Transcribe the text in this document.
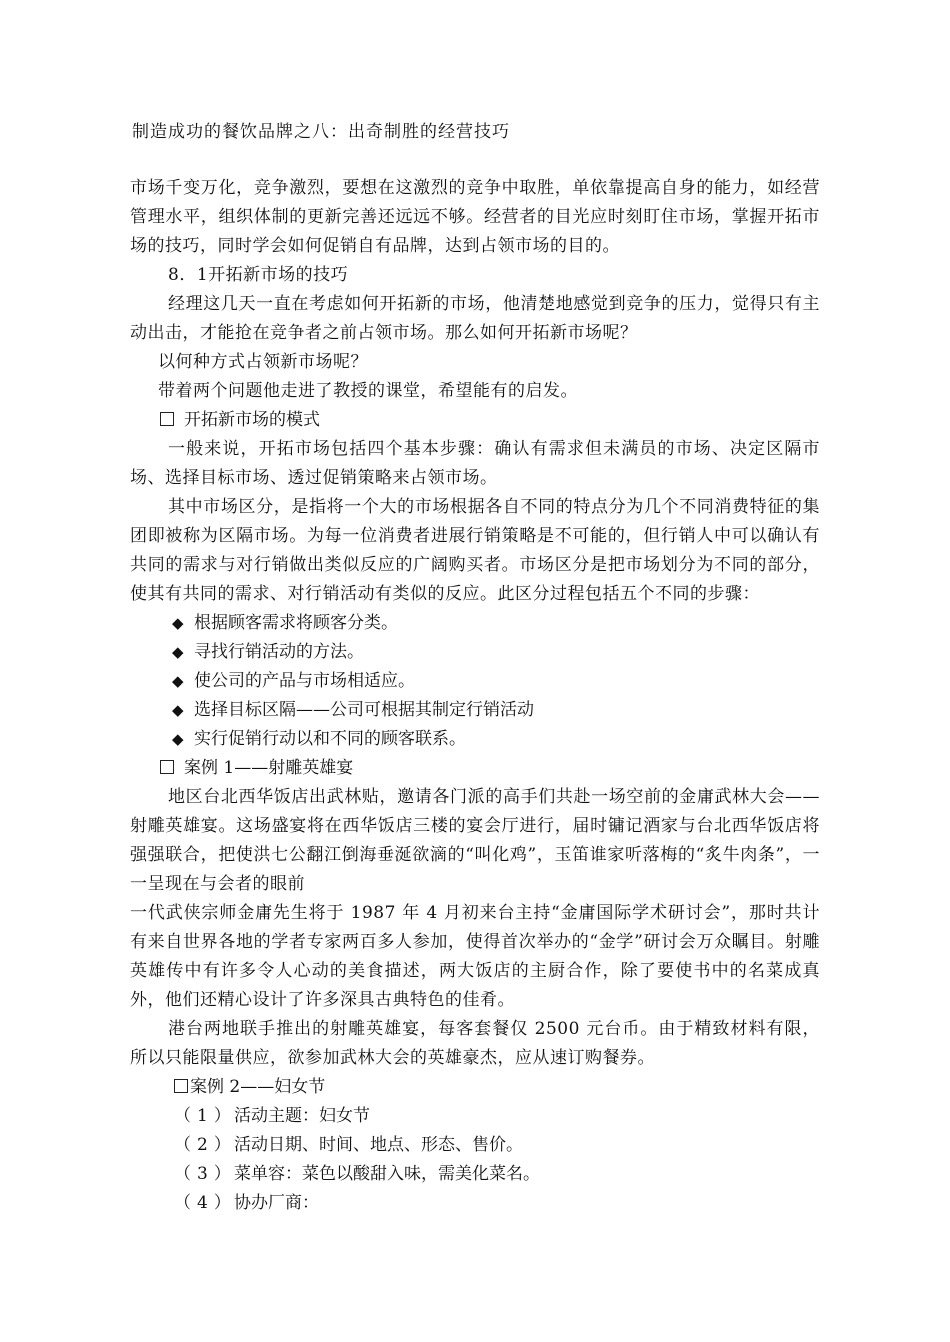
制造成功的餐饮品牌之八：出奇制胜的经营技巧

市场千变万化，竞争激烈，要想在这激烈的竞争中取胜，单依靠提高自身的能力，如经营管理水平，组织体制的更新完善还远远不够。经营者的目光应时刻盯住市场，掌握开拓市场的技巧，同时学会如何促销自有品牌，达到占领市场的目的。

8．1开拓新市场的技巧

经理这几天一直在考虑如何开拓新的市场，他清楚地感觉到竞争的压力，觉得只有主动出击，才能抢在竞争者之前占领市场。那么如何开拓新市场呢？

以何种方式占领新市场呢？

带着两个问题他走进了教授的课堂，希望能有的启发。

开拓新市场的模式

一般来说，开拓市场包括四个基本步骤：确认有需求但未满员的市场、决定区隔市场、选择目标市场、透过促销策略来占领市场。

其中市场区分，是指将一个大的市场根据各自不同的特点分为几个不同消费特征的集团即被称为区隔市场。为每一位消费者进展行销策略是不可能的，但行销人中可以确认有共同的需求与对行销做出类似反应的广阔购买者。市场区分是把市场划分为不同的部分，使其有共同的需求、对行销活动有类似的反应。此区分过程包括五个不同的步骤：

◆ 根据顾客需求将顾客分类。
◆ 寻找行销活动的方法。
◆ 使公司的产品与市场相适应。
◆ 选择目标区隔——公司可根据其制定行销活动
◆ 实行促销行动以和不同的顾客联系。

案例 1——射雕英雄宴

地区台北西华饭店出武林贴，邀请各门派的高手们共赴一场空前的金庸武林大会——射雕英雄宴。这场盛宴将在西华饭店三楼的宴会厅进行，届时镛记酒家与台北西华饭店将强强联合，把使洪七公翻江倒海垂涎欲滴的“叫化鸡”，玉笛谁家听落梅的“炙牛肉条”，一一呈现在与会者的眼前

一代武侠宗师金庸先生将于 1987 年 4 月初来台主持“金庸国际学术研讨会”，那时共计有来自世界各地的学者专家两百多人参加，使得首次举办的“金学”研讨会万众瞩目。射雕英雄传中有许多令人心动的美食描述，两大饭店的主厨合作，除了要使书中的名菜成真外，他们还精心设计了许多深具古典特色的佳肴。

港台两地联手推出的射雕英雄宴，每客套餐仅 2500 元台币。由于精致材料有限，所以只能限量供应，欲参加武林大会的英雄豪杰，应从速订购餐券。

案例 2——妇女节

（1）活动主题：妇女节
（2）活动日期、时间、地点、形态、售价。
（3）菜单容：菜色以酸甜入味，需美化菜名。
（4）协办厂商：
